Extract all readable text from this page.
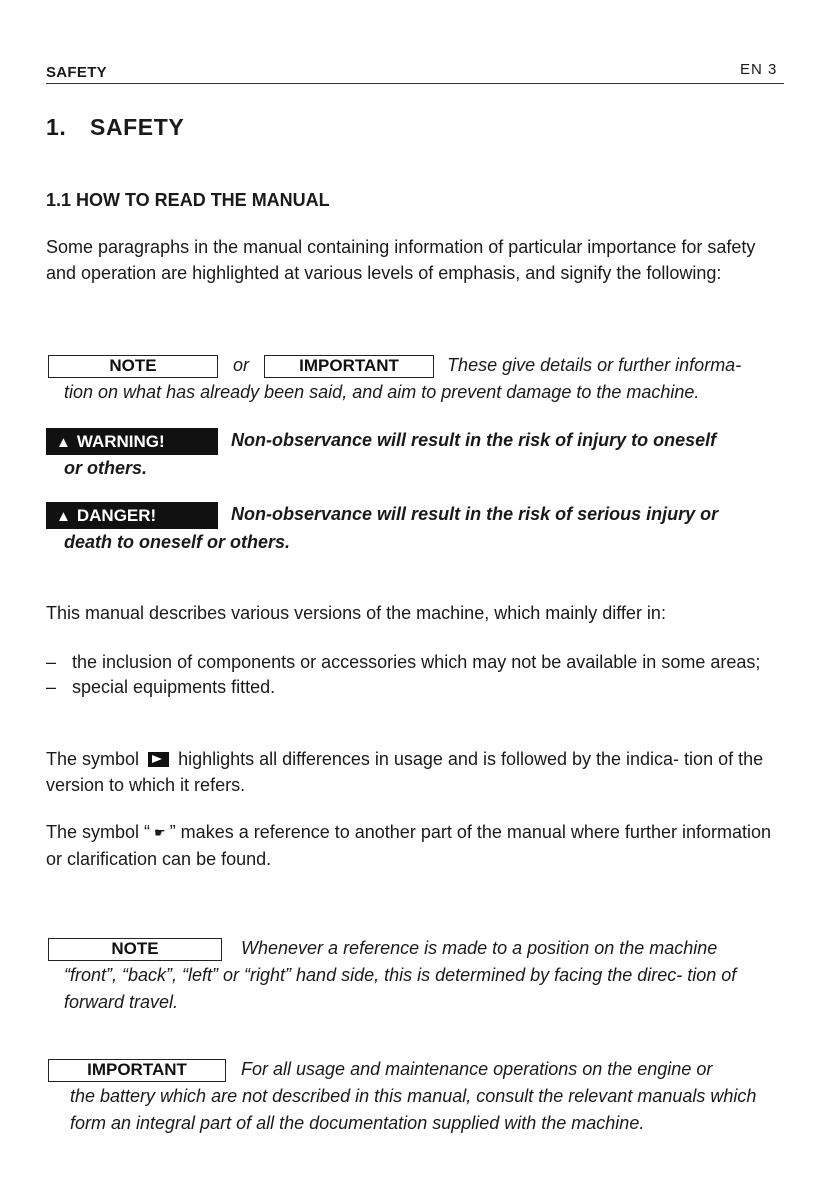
SAFETY	EN 3
1. SAFETY
1.1 HOW TO READ THE MANUAL
Some paragraphs in the manual containing information of particular importance for safety and operation are highlighted at various levels of emphasis, and signify the following:
NOTE	or	IMPORTANT	These give details or further informa-
tion on what has already been said, and aim to prevent damage to the machine.
▲ WARNING!	Non-observance will result in the risk of injury to oneself
or others.
▲ DANGER!	Non-observance will result in the risk of serious injury or
death to oneself or others.
This manual describes various versions of the machine, which mainly differ in:
– the inclusion of components or accessories which may not be available in some areas;
– special equipments fitted.
The symbol highlights all differences in usage and is followed by the indica- tion of the version to which it refers.
The symbol “ ☛ ” makes a reference to another part of the manual where further information or clarification can be found.
NOTE	Whenever a reference is made to a position on the machine
“front”, “back”, “left” or “right” hand side, this is determined by facing the direc- tion of forward travel.
IMPORTANT	For all usage and maintenance operations on the engine or
the battery which are not described in this manual, consult the relevant manuals which form an integral part of all the documentation supplied with the machine.
